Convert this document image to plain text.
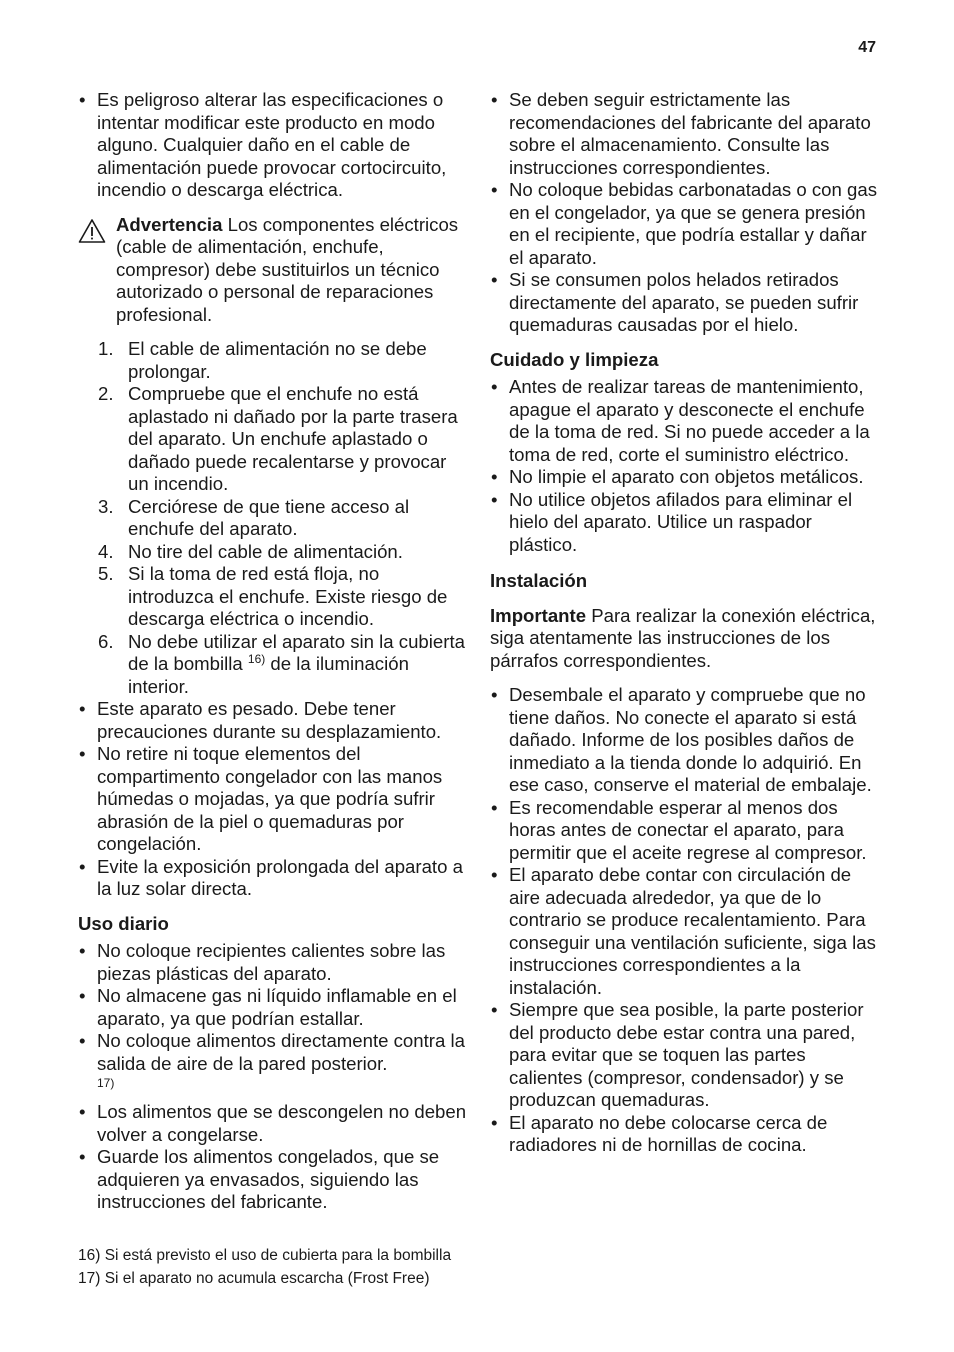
47
• Es peligroso alterar las especificaciones o intentar modificar este producto en modo alguno. Cualquier daño en el cable de alimentación puede provocar cortocircuito, incendio o descarga eléctrica.
Advertencia Los componentes eléctricos (cable de alimentación, enchufe, compresor) debe sustituirlos un técnico autorizado o personal de reparaciones profesional.
1. El cable de alimentación no se debe prolongar.
2. Compruebe que el enchufe no está aplastado ni dañado por la parte trasera del aparato. Un enchufe aplastado o dañado puede recalentarse y provocar un incendio.
3. Cerciórese de que tiene acceso al enchufe del aparato.
4. No tire del cable de alimentación.
5. Si la toma de red está floja, no introduzca el enchufe. Existe riesgo de descarga eléctrica o incendio.
6. No debe utilizar el aparato sin la cubierta de la bombilla $^{16)}$ de la iluminación interior.
• Este aparato es pesado. Debe tener precauciones durante su desplazamiento.
• No retire ni toque elementos del compartimento congelador con las manos húmedas o mojadas, ya que podría sufrir abrasión de la piel o quemaduras por congelación.
• Evite la exposición prolongada del aparato a la luz solar directa.

Uso diario

• No coloque recipientes calientes sobre las piezas plásticas del aparato.
• No almacene gas ni líquido inflamable en el aparato, ya que podrían estallar.
• No coloque alimentos directamente contra la salida de aire de la pared posterior.
17)
• Los alimentos que se descongelen no deben volver a congelarse.
• Guarde los alimentos congelados, que se adquieren ya envasados, siguiendo las instrucciones del fabricante.
• Se deben seguir estrictamente las recomendaciones del fabricante del aparato sobre el almacenamiento. Consulte las instrucciones correspondientes.
• No coloque bebidas carbonatadas o con gas en el congelador, ya que se genera presión en el recipiente, que podría estallar y dañar el aparato.
• Si se consumen polos helados retirados directamente del aparato, se pueden sufrir quemaduras causadas por el hielo.

Cuidado y limpieza

• Antes de realizar tareas de mantenimiento, apague el aparato y desconecte el enchufe de la toma de red. Si no puede acceder a la toma de red, corte el suministro eléctrico.
• No limpie el aparato con objetos metálicos.
• No utilice objetos afilados para eliminar el hielo del aparato. Utilice un raspador plástico.

Instalación

Importante Para realizar la conexión eléctrica, siga atentamente las instrucciones de los párrafos correspondientes.

• Desembale el aparato y compruebe que no tiene daños. No conecte el aparato si está dañado. Informe de los posibles daños de inmediato a la tienda donde lo adquirió. En ese caso, conserve el material de embalaje.
• Es recomendable esperar al menos dos horas antes de conectar el aparato, para permitir que el aceite regrese al compresor.
• El aparato debe contar con circulación de aire adecuada alrededor, ya que de lo contrario se produce recalentamiento. Para conseguir una ventilación suficiente, siga las instrucciones correspondientes a la instalación.
• Siempre que sea posible, la parte posterior del producto debe estar contra una pared, para evitar que se toquen las partes calientes (compresor, condensador) y se produzcan quemaduras.
• El aparato no debe colocarse cerca de radiadores ni de hornillas de cocina.
16) Si está previsto el uso de cubierta para la bombilla
17) Si el aparato no acumula escarcha (Frost Free)
